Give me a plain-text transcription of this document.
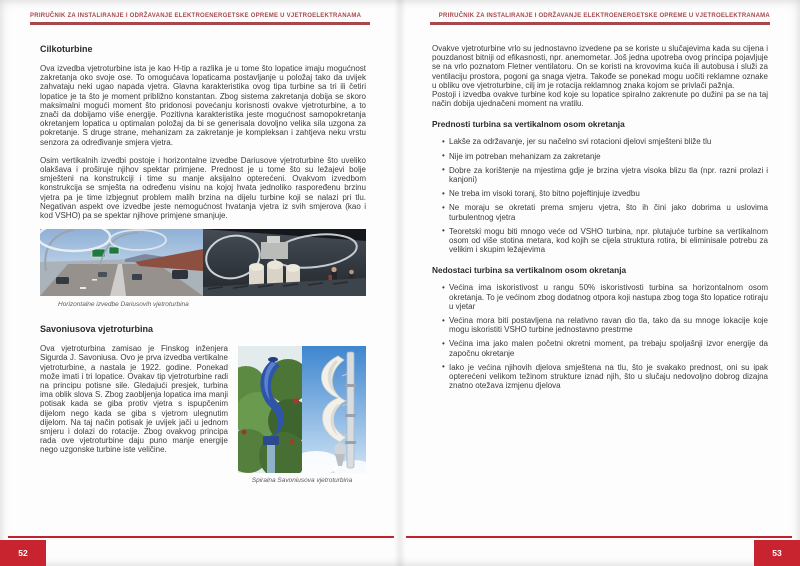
PRIRUČNIK ZA INSTALIRANJE I ODRŽAVANJE ELEKTROENERGETSKE OPREME U VJETROELEKTRANAMA	PRIRUČNIK ZA INSTALIRANJE I ODRŽAVANJE ELEKTROENERGETSKE OPREME U VJETROELEKTRANAMA
Cilkoturbine

Ova izvedba vjetroturbine ista je kao H-tip a razlika je u tome što lopatice imaju mogućnost zakretanja oko svoje ose. To omogućava lopaticama postavljanje u položaj tako da uvijek zahvataju neki ugao napada vjetra. Glavna karakteristika ovog tipa turbine sa tri ili četiri lopatice je ta što je moment približno konstantan. Zbog sistema zakretanja dobija se skoro maksimalni mogući moment što pridonosi povećanju korisnosti ovakve vjetroturbine, a to znači da dobijamo više energije. Pozitivna karakteristika jeste mogućnost samopokretanja okretanjem lopatica u optimalan položaj da bi se generisala dovoljno velika sila uzgona za pokretanje. S druge strane, mehanizam za zakretanje je kompleksan i zahtjeva neku vrstu senzora za određivanje smjera vjetra.

Osim vertikalnih izvedbi postoje i horizontalne izvedbe Dariusove vjetroturbine što uveliko olakšava i proširuje njihov spektar primjene. Prednost je u tome što su ležajevi bolje smješteni na konstrukciji i time su manje aksijalno opterećeni. Ovakvom izvedbom konstrukcija se smješta na određenu visinu na kojoj hvata jednoliko raspoređenu brzinu vjetra pa je time izbjegnut problem malih brzina na dijelu turbine koji se nalazi pri tlu. Negativan aspekt ove izvedbe jeste nemogućnost hvatanja vjetra iz svih smjerova (kao i kod VSHO) pa se spektar njihove primjene smanjuje.

Horizontalne izvedbe Dariusovih vjetroturbina
Savoniusova vjetroturbina
Spiralna Savoniusova vjetroturbina

Ova vjetroturbina zamisao je Finskog inženjera Sigurda J. Savoniusa. Ovo je prva izvedba vertikalne vjetroturbine, a nastala je 1922. godine. Ponekad može imati i tri lopatice. Ovakav tip vjetroturbine radi na principu potisne sile. Gledajući presjek, turbina ima oblik slova S. Zbog zaobljenja lopatica ima manji potisak kada se giba protiv vjetra s ispupčenim dijelom nego kada se giba s vjetrom ulegnutim dijelom. Na taj način potisak je uvijek jači u jednom smjeru i dolazi do rotacije. Zbog ovakvog principa rada ove vjetroturbine daju puno manje energije nego uzgonske turbine iste veličine.

Ovakve vjetroturbine vrlo su jednostavno izvedene pa se koriste u slučajevima kada su cijena i pouzdanost bitniji od efikasnosti, npr. anemometar. Još jedna upotreba ovog principa pojavljuje se na vrlo poznatom Fletner ventilatoru. On se koristi na krovovima kuća ili autobusa i služi za ventilaciju prostora, pogoni ga snaga vjetra. Takođe se ponekad mogu uočiti reklamne oznake u obliku ove vjetroturbine, cilj im je rotacija reklamnog znaka kojom se privlači pažnja.

Postoji i izvedba ovakve turbine kod koje su lopatice spiralno zakrenute po dužini pa se na taj način dobija ujednačeni moment na vratilu.

Prednosti turbina sa vertikalnom osom okretanja
• Lakše za održavanje, jer su načelno svi rotacioni djelovi smješteni bliže tlu
• Nije im potreban mehanizam za zakretanje
• Dobre za korištenje na mjestima gdje je brzina vjetra visoka blizu tla (npr. razni prolazi i kanjoni)
• Ne treba im visoki toranj, što bitno pojeftinjuje izvedbu
• Ne moraju se okretati prema smjeru vjetra, što ih čini jako dobrima u uslovima turbulentnog vjetra
• Teoretski mogu biti mnogo veće od VSHO turbina, npr. plutajuće turbine sa vertikalnom osom od više stotina metara, kod kojih se cijela struktura rotira, bi eliminisale potrebu za velikim i skupim ležajevima
Nedostaci turbina sa vertikalnom osom okretanja
• Većina ima iskoristivost u rangu 50% iskoristivosti turbina sa horizontalnom osom okretanja. To je većinom zbog dodatnog otpora koji nastupa zbog toga što lopatice rotiraju u vjetar
• Većina mora biti postavljena na relativno ravan dio tla, tako da su mnoge lokacije koje mogu iskoristiti VSHO turbine jednostavno prestrme
• Većina ima jako malen početni okretni moment, pa trebaju spoljašnji izvor energije da započnu okretanje
• Iako je većina njihovih djelova smještena na tlu, što je svakako prednost, oni su ipak opterećeni velikom težinom strukture iznad njih, što u slučaju nedovoljno dobrog dizajna znatno otežava izmjenu djelova
52	53
